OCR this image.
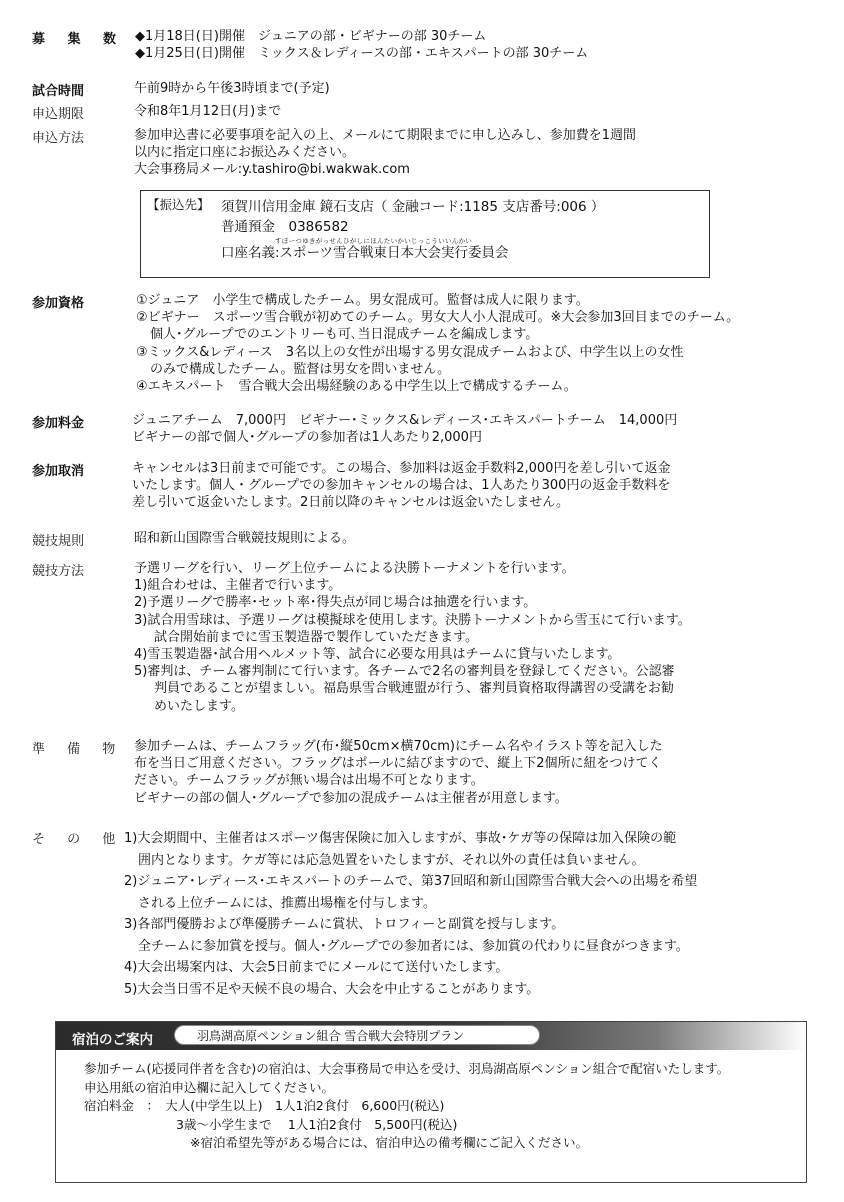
募 集 数 ◆1月18日(日)開催　ジュニアの部・ビギナーの部 30チーム
◆1月25日(日)開催　ミックス＆レディースの部・エキスパートの部 30チーム
試合時間	午前9時から午後3時頃まで(予定)
申込期限	令和8年1月12日(月)まで
申込方法	参加申込書に必要事項を記入の上、メールにて期限までに申し込みし、参加費を1週間
以内に指定口座にお振込みください。
大会事務局メール:y.tashiro@bi.wakwak.com
【振込先】 須賀川信用金庫 鏡石支店（ 金融コード:1185 支店番号:006 ）
普通預金　0386582
すぽーつゆきがっせんひがしにほんたいかいじっこういいんかい
口座名義:スポーツ雪合戦東日本大会実行委員会
参加資格	①ジュニア　小学生で構成したチーム。男女混成可。監督は成人に限ります。
②ビギナー　スポーツ雪合戦が初めてのチーム。男女大人小人混成可。※大会参加3回目までのチーム。
個人･グループでのエントリーも可､当日混成チームを編成します。
③ミックス&レディース　3名以上の女性が出場する男女混成チームおよび、中学生以上の女性
のみで構成したチーム。監督は男女を問いません。
④エキスパート　雪合戦大会出場経験のある中学生以上で構成するチーム。
参加料金	ジュニアチーム　7,000円　ビギナー･ミックス&レディース･エキスパートチーム　14,000円
ビギナーの部で個人･グループの参加者は1人あたり2,000円
参加取消	キャンセルは3日前まで可能です。この場合、参加料は返金手数料2,000円を差し引いて返金
いたします。個人・グループでの参加キャンセルの場合は、1人あたり300円の返金手数料を
差し引いて返金いたします。2日前以降のキャンセルは返金いたしません。
競技規則	昭和新山国際雪合戦競技規則による。
競技方法	予選リーグを行い、リーグ上位チームによる決勝トーナメントを行います。
1)組合わせは、主催者で行います。
2)予選リーグで勝率･セット率･得失点が同じ場合は抽選を行います。
3)試合用雪球は、予選リーグは模擬球を使用します。決勝トーナメントから雪玉にて行います。
試合開始前までに雪玉製造器で製作していただきます。
4)雪玉製造器･試合用ヘルメット等、試合に必要な用具はチームに貸与いたします。
5)審判は、チーム審判制にて行います。各チームで2名の審判員を登録してください。公認審
判員であることが望ましい。福島県雪合戦連盟が行う、審判員資格取得講習の受講をお勧
めいたします。
準 備 物 参加チームは、チームフラッグ(布･縦50cm×横70cm)にチーム名やイラスト等を記入した
布を当日ご用意ください。フラッグはポールに結びますので、縦上下2個所に紐をつけてく
ださい。チームフラッグが無い場合は出場不可となります。
ビギナーの部の個人･グループで参加の混成チームは主催者が用意します。
そ の 他 1)大会期間中、主催者はスポーツ傷害保険に加入しますが、事故･ケガ等の保障は加入保険の範
囲内となります。ケガ等には応急処置をいたしますが、それ以外の責任は負いません。
2)ジュニア･レディース･エキスパートのチームで、第37回昭和新山国際雪合戦大会への出場を希望
される上位チームには、推薦出場権を付与します。
3)各部門優勝および準優勝チームに賞状、トロフィーと副賞を授与します。
全チームに参加賞を授与。個人･グループでの参加者には、参加賞の代わりに昼食がつきます。
4)大会出場案内は、大会5日前までにメールにて送付いたします。
5)大会当日雪不足や天候不良の場合、大会を中止することがあります。
宿泊のご案内	羽鳥湖高原ペンション組合 雪合戦大会特別プラン
参加チーム(応援同伴者を含む)の宿泊は、大会事務局で申込を受け、羽鳥湖高原ペンション組合で配宿いたします。
申込用紙の宿泊申込欄に記入してください。
宿泊料金　：　大人(中学生以上)　1人1泊2食付　6,600円(税込)
3歳～小学生まで　 1人1泊2食付　5,500円(税込)
※宿泊希望先等がある場合には、宿泊申込の備考欄にご記入ください。
